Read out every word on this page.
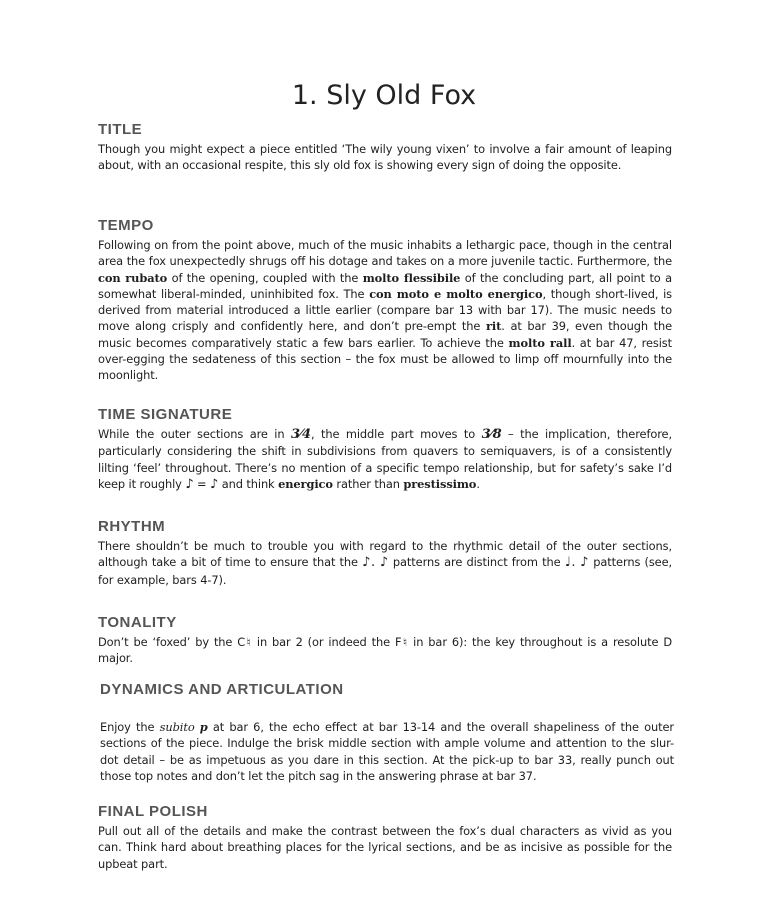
1. Sly Old Fox
TITLE

Though you might expect a piece entitled ‘The wily young vixen’ to involve a fair amount of leaping about, with an occasional respite, this sly old fox is showing every sign of doing the opposite.

TEMPO

Following on from the point above, much of the music inhabits a lethargic pace, though in the central area the fox unexpectedly shrugs off his dotage and takes on a more juvenile tactic. Furthermore, the con rubato of the opening, coupled with the molto flessibile of the concluding part, all point to a somewhat liberal-minded, uninhibited fox. The con moto e molto energico, though short-lived, is derived from material introduced a little earlier (compare bar 13 with bar 17). The music needs to move along crisply and confidently here, and don’t pre-empt the rit. at bar 39, even though the music becomes comparatively static a few bars earlier. To achieve the molto rall. at bar 47, resist over-egging the sedateness of this section – the fox must be allowed to limp off mournfully into the moonlight.

TIME SIGNATURE

While the outer sections are in 3⁄4, the middle part moves to 3⁄8 – the implication, therefore, particularly considering the shift in subdivisions from quavers to semiquavers, is of a consistently lilting ‘feel’ throughout. There’s no mention of a specific tempo relationship, but for safety’s sake I’d keep it roughly ♪ = ♪ and think energico rather than prestissimo.

RHYTHM

There shouldn’t be much to trouble you with regard to the rhythmic detail of the outer sections, although take a bit of time to ensure that the ♪. ♪ patterns are distinct from the ♩. ♪ patterns (see, for example, bars 4-7).

TONALITY

Don’t be ‘foxed’ by the C♮ in bar 2 (or indeed the F♮ in bar 6): the key throughout is a resolute D major.

DYNAMICS AND ARTICULATION

Enjoy the subito p at bar 6, the echo effect at bar 13-14 and the overall shapeliness of the outer sections of the piece. Indulge the brisk middle section with ample volume and attention to the slur-dot detail – be as impetuous as you dare in this section. At the pick-up to bar 33, really punch out those top notes and don’t let the pitch sag in the answering phrase at bar 37.

FINAL POLISH

Pull out all of the details and make the contrast between the fox’s dual characters as vivid as you can. Think hard about breathing places for the lyrical sections, and be as incisive as possible for the upbeat part.
